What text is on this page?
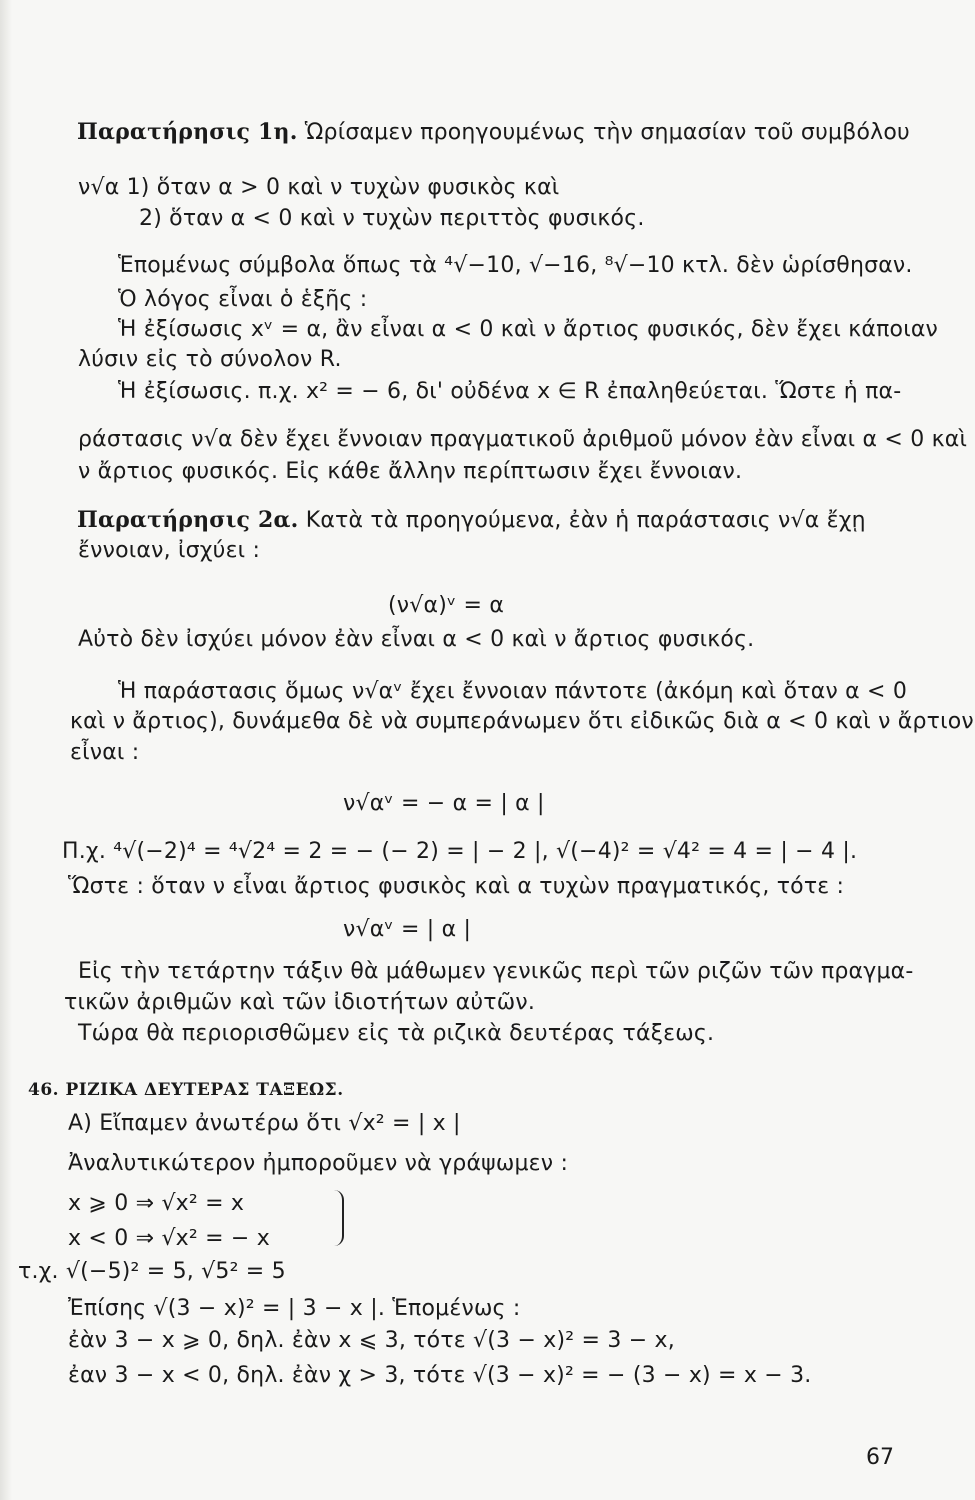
Παρατήρησις 1η. Ὡρίσαμεν προηγουμένως τὴν σημασίαν τοῦ συμβόλου
ν√α 1) ὅταν α > 0 καὶ ν τυχὼν φυσικὸς καὶ
2) ὅταν α < 0 καὶ ν τυχὼν περιττὸς φυσικός.
Ἑπομένως σύμβολα ὅπως τὰ ⁴√−10, √−16, ⁸√−10 κτλ. δὲν ὡρίσθησαν.
Ὁ λόγος εἶναι ὁ ἑξῆς :
Ἡ ἐξίσωσις xᵛ = α, ἂν εἶναι α < 0 καὶ ν ἄρτιος φυσικός, δὲν ἔχει κάποιαν
λύσιν εἰς τὸ σύνολον R.
Ἡ ἐξίσωσις. π.χ. x² = − 6, δι' οὐδένα x ∈ R ἐπαληθεύεται. Ὥστε ἡ πα-
ράστασις ν√α δὲν ἔχει ἔννοιαν πραγματικοῦ ἀριθμοῦ μόνον ἐὰν εἶναι α < 0 καὶ
ν ἄρτιος φυσικός. Εἰς κάθε ἄλλην περίπτωσιν ἔχει ἔννοιαν.
Παρατήρησις 2α. Κατὰ τὰ προηγούμενα, ἐὰν ἡ παράστασις ν√α ἔχῃ
ἔννοιαν, ἰσχύει :
(ν√α)ᵛ = α
Αὐτὸ δὲν ἰσχύει μόνον ἐὰν εἶναι α < 0 καὶ ν ἄρτιος φυσικός.
Ἡ παράστασις ὅμως ν√αᵛ ἔχει ἔννοιαν πάντοτε (ἀκόμη καὶ ὅταν α < 0
καὶ ν ἄρτιος), δυνάμεθα δὲ νὰ συμπεράνωμεν ὅτι εἰδικῶς διὰ α < 0 καὶ ν ἄρτιον
εἶναι :
ν√αᵛ = − α = | α |
Π.χ. ⁴√(−2)⁴ = ⁴√2⁴ = 2 = − (− 2) = | − 2 |, √(−4)² = √4² = 4 = | − 4 |.
Ὥστε : ὅταν ν εἶναι ἄρτιος φυσικὸς καὶ α τυχὼν πραγματικός, τότε :
ν√αᵛ = | α |
Εἰς τὴν τετάρτην τάξιν θὰ μάθωμεν γενικῶς περὶ τῶν ριζῶν τῶν πραγμα-
τικῶν ἀριθμῶν καὶ τῶν ἰδιοτήτων αὐτῶν.
Τώρα θὰ περιορισθῶμεν εἰς τὰ ριζικὰ δευτέρας τάξεως.
46. ΡΙΖΙΚΑ ΔΕΥΤΕΡΑΣ ΤΑΞΕΩΣ.
Α) Εἴπαμεν ἀνωτέρω ὅτι √x² = | x |
Ἀναλυτικώτερον ἠμποροῦμεν νὰ γράψωμεν :
x ⩾ 0 ⇒ √x² = x
x < 0 ⇒ √x² = − x
τ.χ. √(−5)² = 5, √5² = 5
Ἐπίσης √(3 − x)² = | 3 − x |. Ἑπομένως :
ἐὰν 3 − x ⩾ 0, δηλ. ἐὰν x ⩽ 3, τότε √(3 − x)² = 3 − x,
ἐαν 3 − x < 0, δηλ. ἐὰν χ > 3, τότε √(3 − x)² = − (3 − x) = x − 3.
67
